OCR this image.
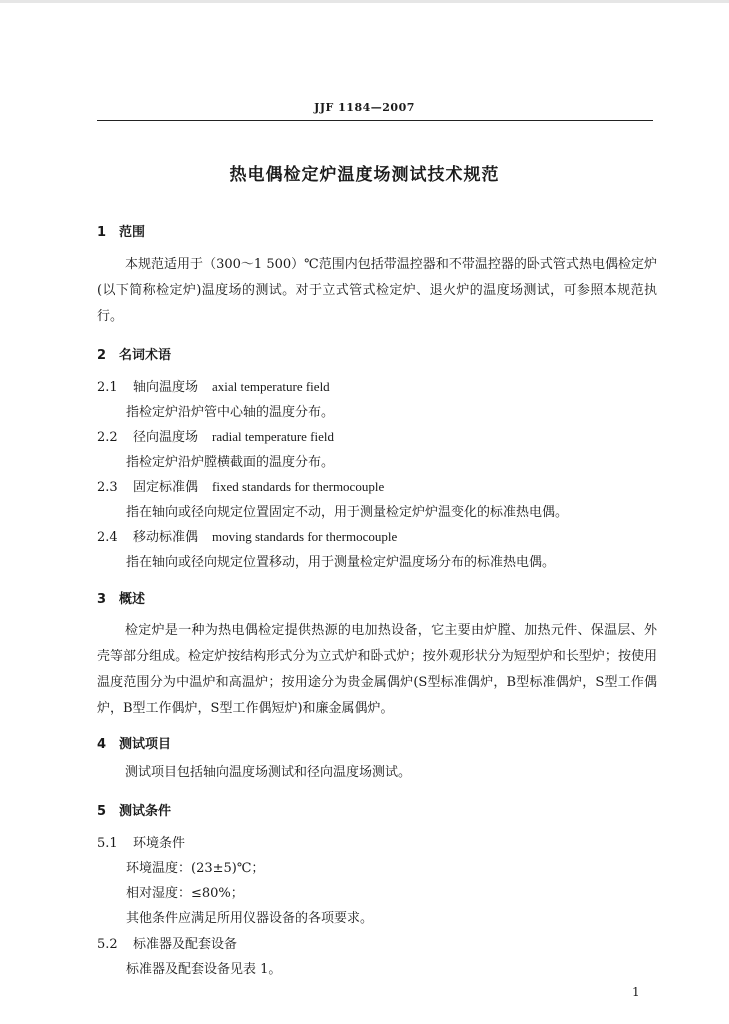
JJF 1184—2007
热电偶检定炉温度场测试技术规范
1 范围
本规范适用于（300～1 500）℃范围内包括带温控器和不带温控器的卧式管式热电偶检定炉(以下简称检定炉)温度场的测试。对于立式管式检定炉、退火炉的温度场测试，可参照本规范执行。
2 名词术语
2.1 轴向温度场 axial temperature field
指检定炉沿炉管中心轴的温度分布。
2.2 径向温度场 radial temperature field
指检定炉沿炉膛横截面的温度分布。
2.3 固定标准偶 fixed standards for thermocouple
指在轴向或径向规定位置固定不动，用于测量检定炉炉温变化的标准热电偶。
2.4 移动标准偶 moving standards for thermocouple
指在轴向或径向规定位置移动，用于测量检定炉温度场分布的标准热电偶。
3 概述
检定炉是一种为热电偶检定提供热源的电加热设备，它主要由炉膛、加热元件、保温层、外壳等部分组成。检定炉按结构形式分为立式炉和卧式炉；按外观形状分为短型炉和长型炉；按使用温度范围分为中温炉和高温炉；按用途分为贵金属偶炉(S型标准偶炉，B型标准偶炉，S型工作偶炉，B型工作偶炉，S型工作偶短炉)和廉金属偶炉。
4 测试项目
测试项目包括轴向温度场测试和径向温度场测试。
5 测试条件
5.1 环境条件
环境温度：(23±5)℃；
相对湿度：≤80%；
其他条件应满足所用仪器设备的各项要求。
5.2 标准器及配套设备
标准器及配套设备见表 1。
1
